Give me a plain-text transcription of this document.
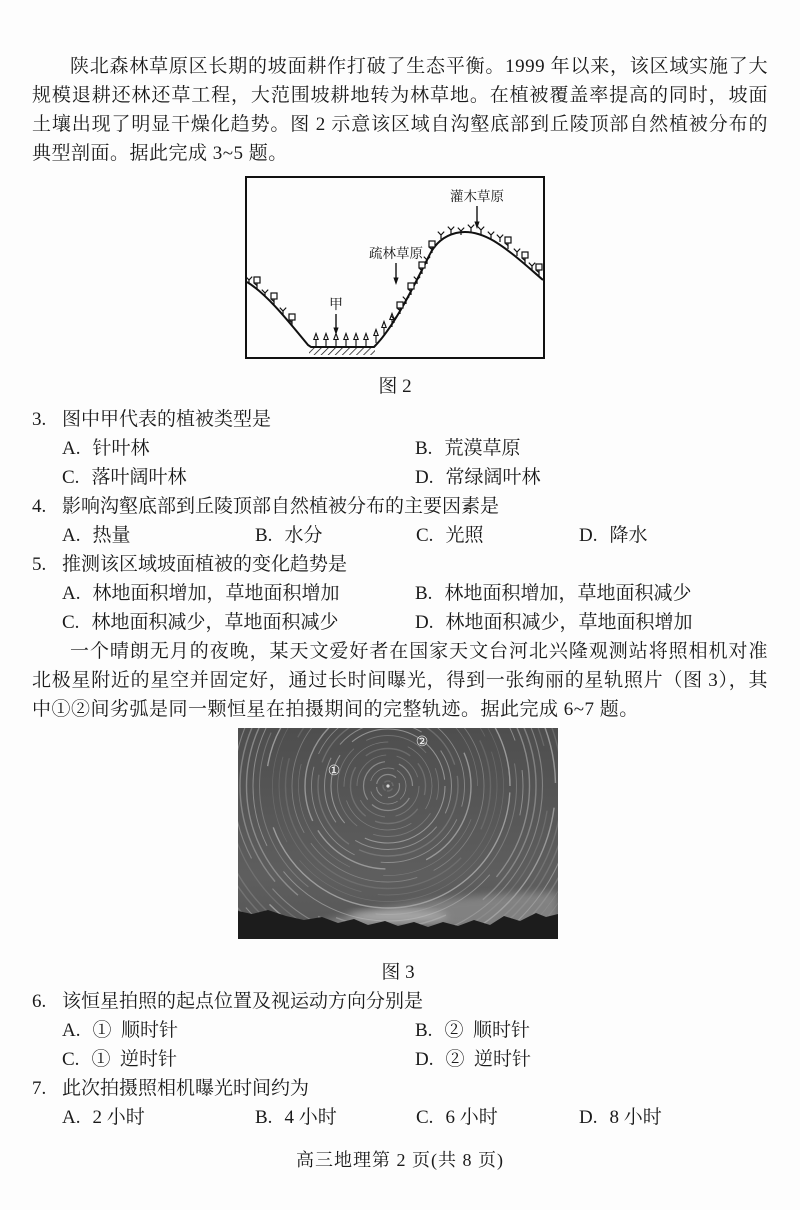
陕北森林草原区长期的坡面耕作打破了生态平衡。1999 年以来，该区域实施了大规模退耕还林还草工程，大范围坡耕地转为林草地。在植被覆盖率提高的同时，坡面土壤出现了明显干燥化趋势。图 2 示意该区域自沟壑底部到丘陵顶部自然植被分布的典型剖面。据此完成 3~5 题。

灌木草原
疏林草原
甲
图 2
3. 图中甲代表的植被类型是
A. 针叶林	B. 荒漠草原
C. 落叶阔叶林	D. 常绿阔叶林
4. 影响沟壑底部到丘陵顶部自然植被分布的主要因素是
A. 热量	B. 水分	C. 光照	D. 降水
5. 推测该区域坡面植被的变化趋势是
A. 林地面积增加，草地面积增加	B. 林地面积增加，草地面积减少
C. 林地面积减少，草地面积减少	D. 林地面积减少，草地面积增加

一个晴朗无月的夜晚，某天文爱好者在国家天文台河北兴隆观测站将照相机对准北极星附近的星空并固定好，通过长时间曝光，得到一张绚丽的星轨照片（图 3），其中①②间劣弧是同一颗恒星在拍摄期间的完整轨迹。据此完成 6~7 题。

①
②
图 3
6. 该恒星拍照的起点位置及视运动方向分别是
A. ①  顺时针	B. ②  顺时针
C. ①  逆时针	D. ②  逆时针
7. 此次拍摄照相机曝光时间约为
A. 2 小时	B. 4 小时	C. 6 小时	D. 8 小时
高三地理第 2 页(共 8 页)
